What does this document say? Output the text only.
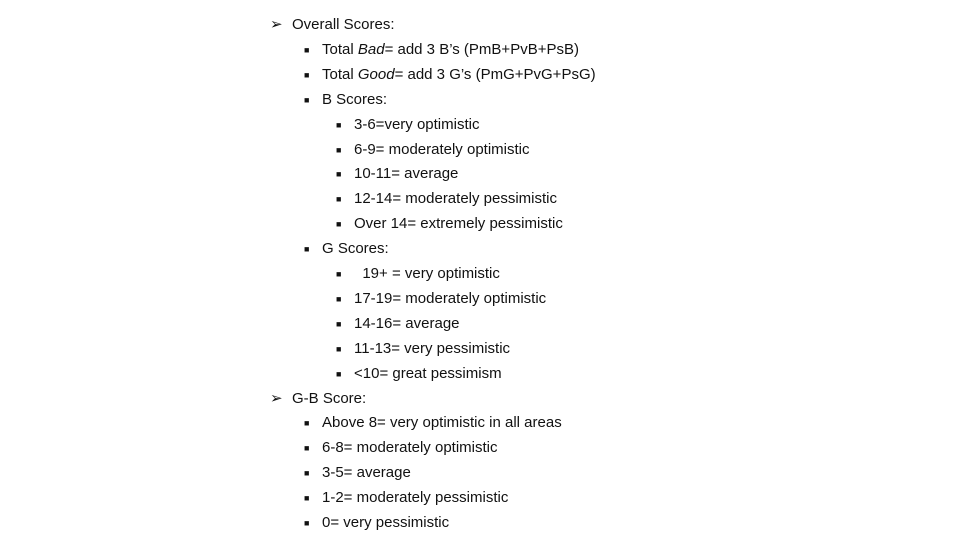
➢ Overall Scores:
■ Total Bad= add 3 B’s (PmB+PvB+PsB)
■ Total Good= add 3 G’s (PmG+PvG+PsG)
■ B Scores:
■ 3-6=very optimistic
■ 6-9= moderately optimistic
■ 10-11= average
■ 12-14= moderately pessimistic
■ Over 14= extremely pessimistic
■ G Scores:
■ 19+ = very optimistic
■ 17-19= moderately optimistic
■ 14-16= average
■ 11-13= very pessimistic
■ <10= great pessimism
➢ G-B Score:
■ Above 8= very optimistic in all areas
■ 6-8= moderately optimistic
■ 3-5= average
■ 1-2= moderately pessimistic
■ 0= very pessimistic
